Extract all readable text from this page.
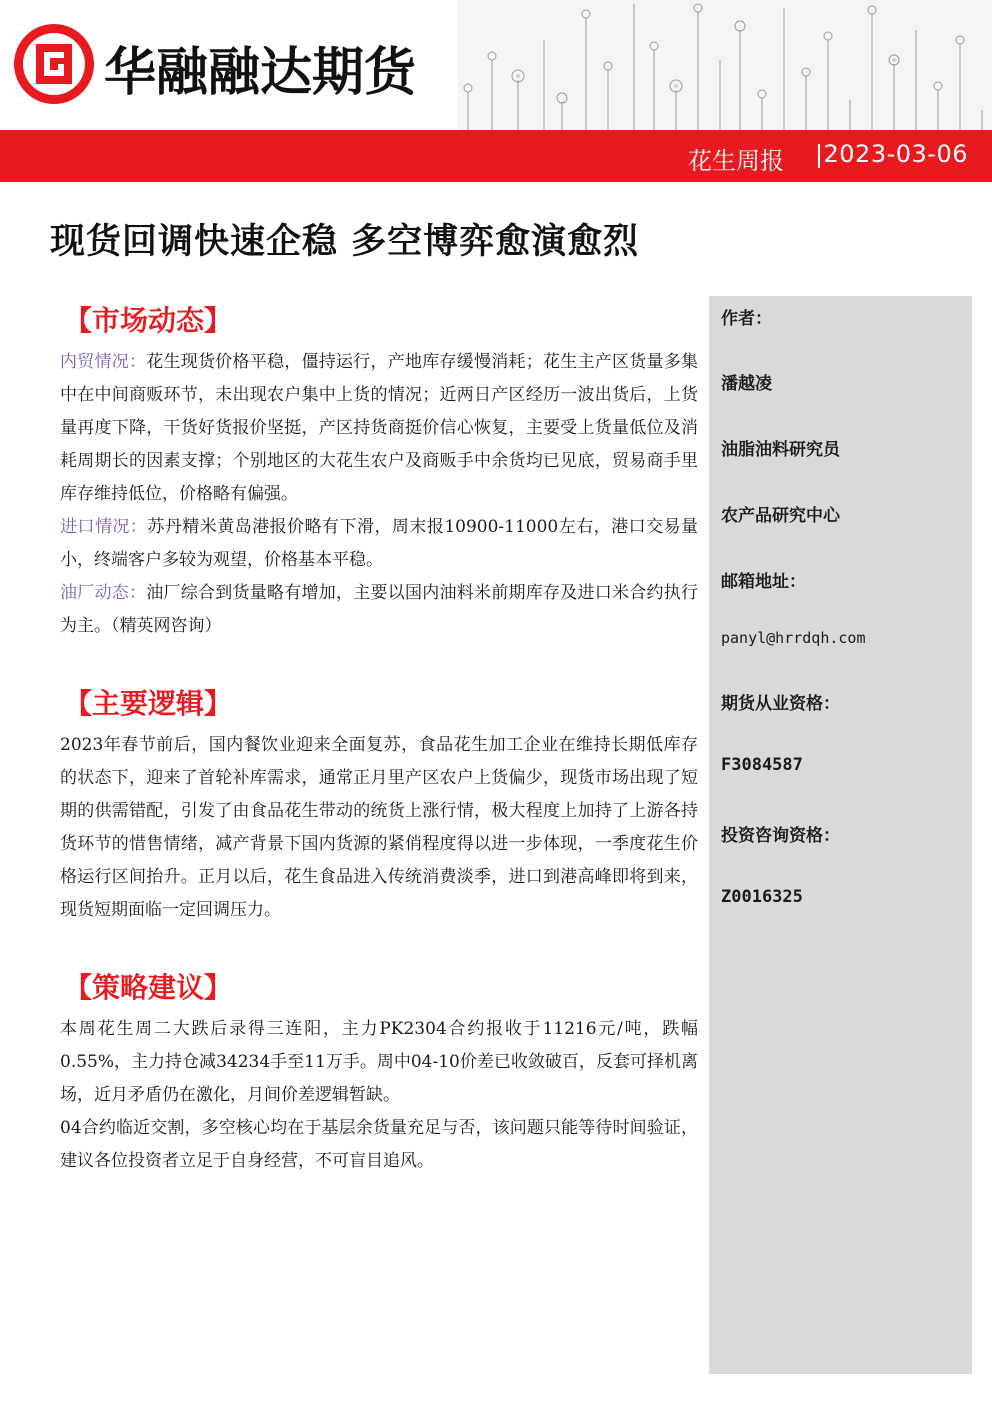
华融融达期货
花生周报 2023-03-06
现货回调快速企稳 多空博弈愈演愈烈
【市场动态】

内贸情况：花生现货价格平稳，僵持运行，产地库存缓慢消耗；花生主产区货量多集中在中间商贩环节，未出现农户集中上货的情况；近两日产区经历一波出货后，上货量再度下降，干货好货报价坚挺，产区持货商挺价信心恢复，主要受上货量低位及消耗周期长的因素支撑；个别地区的大花生农户及商贩手中余货均已见底，贸易商手里库存维持低位，价格略有偏强。

进口情况：苏丹精米黄岛港报价略有下滑，周末报10900-11000左右，港口交易量小，终端客户多较为观望，价格基本平稳。

油厂动态：油厂综合到货量略有增加，主要以国内油料米前期库存及进口米合约执行为主。（精英网咨询）

【主要逻辑】

2023年春节前后，国内餐饮业迎来全面复苏，食品花生加工企业在维持长期低库存的状态下，迎来了首轮补库需求，通常正月里产区农户上货偏少，现货市场出现了短期的供需错配，引发了由食品花生带动的统货上涨行情，极大程度上加持了上游各持货环节的惜售情绪，减产背景下国内货源的紧俏程度得以进一步体现，一季度花生价格运行区间抬升。正月以后，花生食品进入传统消费淡季，进口到港高峰即将到来，现货短期面临一定回调压力。

【策略建议】

本周花生周二大跌后录得三连阳，主力PK2304合约报收于11216元/吨，跌幅0.55%，主力持仓减34234手至11万手。周中04-10价差已收敛破百，反套可择机离场，近月矛盾仍在激化，月间价差逻辑暂缺。

04合约临近交割，多空核心均在于基层余货量充足与否，该问题只能等待时间验证，建议各位投资者立足于自身经营，不可盲目追风。

作者：
潘越凌
油脂油料研究员
农产品研究中心
邮箱地址：
panyl@hrrdqh.com
期货从业资格：
F3084587
投资咨询资格：
Z0016325
